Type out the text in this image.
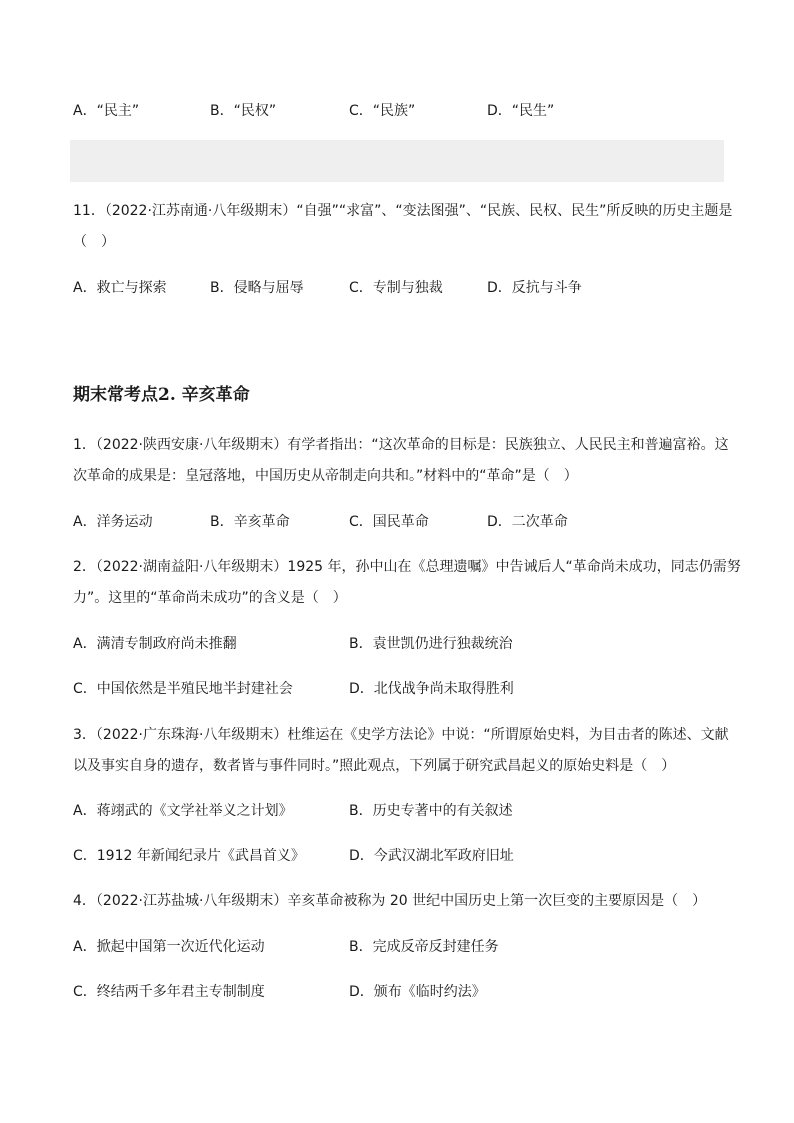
A．“民主”	B．“民权”	C．“民族”	D．“民生”
11．（2022·江苏南通·八年级期末）“自强”“求富”、“变法图强”、“民族、民权、民生”所反映的历史主题是
（　）
A．救亡与探索	B．侵略与屈辱	C．专制与独裁	D．反抗与斗争
期末常考点2. 辛亥革命
1．（2022·陕西安康·八年级期末）有学者指出：“这次革命的目标是：民族独立、人民民主和普遍富裕。这
次革命的成果是：皇冠落地，中国历史从帝制走向共和。”材料中的“革命”是（　）
A．洋务运动	B．辛亥革命	C．国民革命	D．二次革命
2．（2022·湖南益阳·八年级期末）1925 年，孙中山在《总理遗嘱》中告诫后人“革命尚未成功，同志仍需努
力”。这里的“革命尚未成功”的含义是（　）
A．满清专制政府尚未推翻	B．袁世凯仍进行独裁统治
C．中国依然是半殖民地半封建社会	D．北伐战争尚未取得胜利
3．（2022·广东珠海·八年级期末）杜维运在《史学方法论》中说：“所谓原始史料，为目击者的陈述、文献
以及事实自身的遗存，数者皆与事件同时。”照此观点，下列属于研究武昌起义的原始史料是（　）
A．蒋翊武的《文学社举义之计划》	B．历史专著中的有关叙述
C．1912 年新闻纪录片《武昌首义》	D．今武汉湖北军政府旧址
4．（2022·江苏盐城·八年级期末）辛亥革命被称为 20 世纪中国历史上第一次巨变的主要原因是（　）
A．掀起中国第一次近代化运动	B．完成反帝反封建任务
C．终结两千多年君主专制制度	D．颁布《临时约法》
